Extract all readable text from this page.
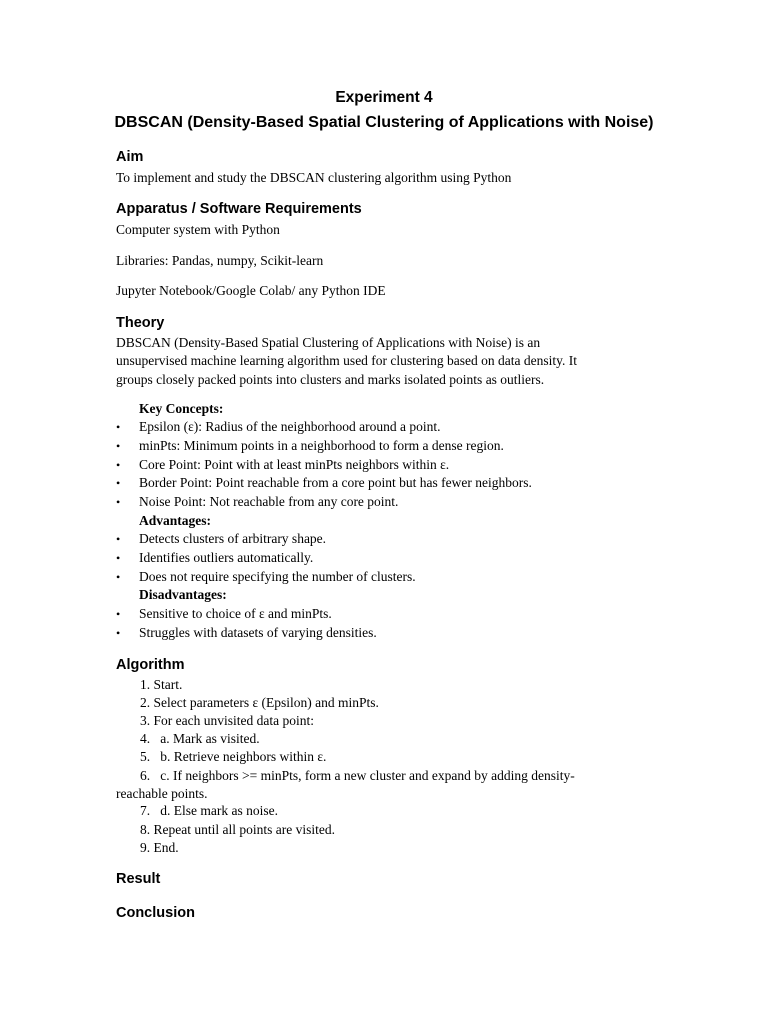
Experiment 4

DBSCAN (Density-Based Spatial Clustering of Applications with Noise)

Aim

To implement and study the DBSCAN clustering algorithm using Python

Apparatus / Software Requirements

Computer system with Python

Libraries: Pandas, numpy, Scikit-learn

Jupyter Notebook/Google Colab/ any Python IDE

Theory

DBSCAN (Density-Based Spatial Clustering of Applications with Noise) is an

unsupervised machine learning algorithm used for clustering based on data density. It

groups closely packed points into clusters and marks isolated points as outliers.

Key Concepts:

• Epsilon (ε): Radius of the neighborhood around a point.
• minPts: Minimum points in a neighborhood to form a dense region.
• Core Point: Point with at least minPts neighbors within ε.
• Border Point: Point reachable from a core point but has fewer neighbors.
• Noise Point: Not reachable from any core point.

Advantages:

• Detects clusters of arbitrary shape.
• Identifies outliers automatically.
• Does not require specifying the number of clusters.

Disadvantages:

• Sensitive to choice of ε and minPts.
• Struggles with datasets of varying densities.

Algorithm

1. Start.

2. Select parameters ε (Epsilon) and minPts.

3. For each unvisited data point:

4.   a. Mark as visited.

5.   b. Retrieve neighbors within ε.

6.   c. If neighbors >= minPts, form a new cluster and expand by adding density-

reachable points.

7.   d. Else mark as noise.

8. Repeat until all points are visited.

9. End.

Result

Conclusion
